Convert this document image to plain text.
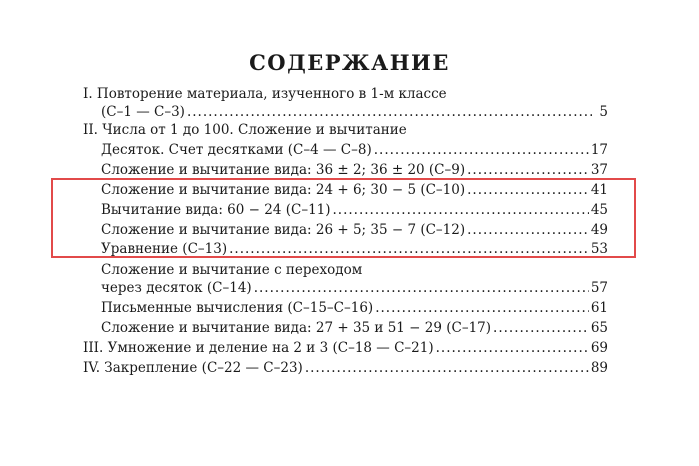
СОДЕРЖАНИЕ
I. Повторение материала, изученного в 1-м классе
(С–1 — С–3) .....	5
II. Числа от 1 до 100. Сложение и вычитание
Десяток. Счет десятками (С–4 — С–8) .....	17
Сложение и вычитание вида: 36 ± 2; 36 ± 20 (С–9) .....	37
Сложение и вычитание вида: 24 + 6; 30 − 5 (С–10) .....	41
Вычитание вида: 60 − 24 (С–11) .....	45
Сложение и вычитание вида: 26 + 5; 35 − 7 (С–12) .....	49
Уравнение (С–13) .....	53
Сложение и вычитание с переходом
через десяток (С–14) .....	57
Письменные вычисления (С–15–С–16) .....	61
Сложение и вычитание вида: 27 + 35 и 51 − 29 (С–17) .....	65
III. Умножение и деление на 2 и 3 (С–18 — С–21) .....	69
IV. Закрепление (С–22 — С–23) .....	89
